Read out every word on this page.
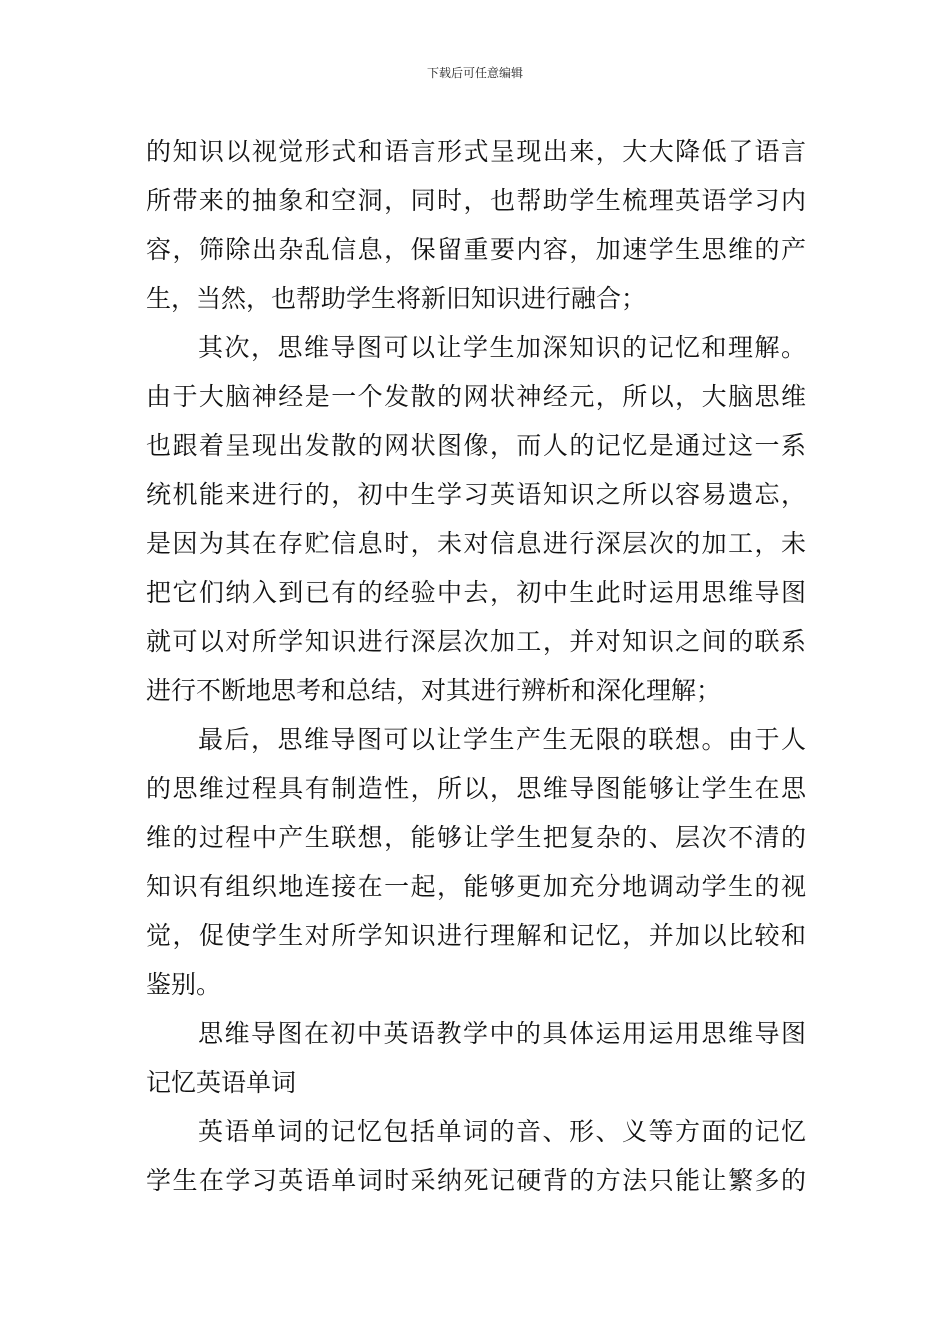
下载后可任意编辑
的知识以视觉形式和语言形式呈现出来，大大降低了语言
所带来的抽象和空洞，同时，也帮助学生梳理英语学习内
容，筛除出杂乱信息，保留重要内容，加速学生思维的产
生，当然，也帮助学生将新旧知识进行融合；
其次，思维导图可以让学生加深知识的记忆和理解。
由于大脑神经是一个发散的网状神经元，所以，大脑思维
也跟着呈现出发散的网状图像，而人的记忆是通过这一系
统机能来进行的，初中生学习英语知识之所以容易遗忘，
是因为其在存贮信息时，未对信息进行深层次的加工，未
把它们纳入到已有的经验中去，初中生此时运用思维导图
就可以对所学知识进行深层次加工，并对知识之间的联系
进行不断地思考和总结，对其进行辨析和深化理解；
最后，思维导图可以让学生产生无限的联想。由于人
的思维过程具有制造性，所以，思维导图能够让学生在思
维的过程中产生联想，能够让学生把复杂的、层次不清的
知识有组织地连接在一起，能够更加充分地调动学生的视
觉，促使学生对所学知识进行理解和记忆，并加以比较和
鉴别。
思维导图在初中英语教学中的具体运用运用思维导图
记忆英语单词
英语单词的记忆包括单词的音、形、义等方面的记忆
学生在学习英语单词时采纳死记硬背的方法只能让繁多的
